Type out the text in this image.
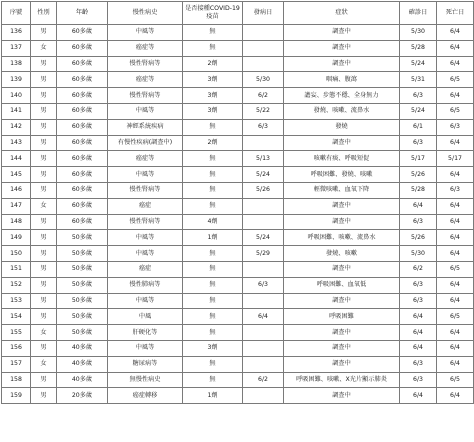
序號	性別	年齡	慢性病史	是否接種COVID-19疫苗	發病日	症狀	確診日	死亡日
136	男	60多歲	中風等	無		調查中	5/30	6/4
137	女	60多歲	癌症等	無		調查中	5/28	6/4
138	男	60多歲	慢性腎病等	2劑		調查中	5/24	6/4
139	男	60多歲	癌症等	3劑	5/30	咽痛、腹瀉	5/31	6/5
140	男	60多歲	慢性腎病等	3劑	6/2	譫妄、步態不穩、全身無力	6/3	6/4
141	男	60多歲	中風等	3劑	5/22	發燒、咳嗽、流鼻水	5/24	6/5
142	男	60多歲	神經系統疾病	無	6/3	發燒	6/1	6/3
143	男	60多歲	有慢性疾病(調查中)	2劑		調查中	6/3	6/4
144	男	60多歲	癌症等	無	5/13	咳嗽有痰、呼吸短促	5/17	5/17
145	男	60多歲	中風等	無	5/24	呼吸困難、發燒、咳嗽	5/26	6/4
146	男	60多歲	慢性腎病等	無	5/26	輕微咳嗽、血氧下降	5/28	6/3
147	女	60多歲	癌症	無		調查中	6/4	6/4
148	男	60多歲	慢性腎病等	4劑		調查中	6/3	6/4
149	男	50多歲	中風等	1劑	5/24	呼吸困難、咳嗽、流鼻水	5/26	6/4
150	男	50多歲	中風等	無	5/29	發燒、咳嗽	5/30	6/4
151	男	50多歲	癌症	無		調查中	6/2	6/5
152	男	50多歲	慢性肺病等	無	6/3	呼吸困難、血氧低	6/3	6/4
153	男	50多歲	中風等	無		調查中	6/3	6/4
154	男	50多歲	中風	無	6/4	呼吸困難	6/4	6/5
155	女	50多歲	肝硬化等	無		調查中	6/4	6/4
156	男	40多歲	中風等	3劑		調查中	6/4	6/4
157	女	40多歲	糖尿病等	無		調查中	6/3	6/4
158	男	40多歲	無慢性病史	無	6/2	呼吸困難、咳嗽、X光片顯示肺炎	6/3	6/5
159	男	20多歲	癌症轉移	1劑		調查中	6/4	6/4
